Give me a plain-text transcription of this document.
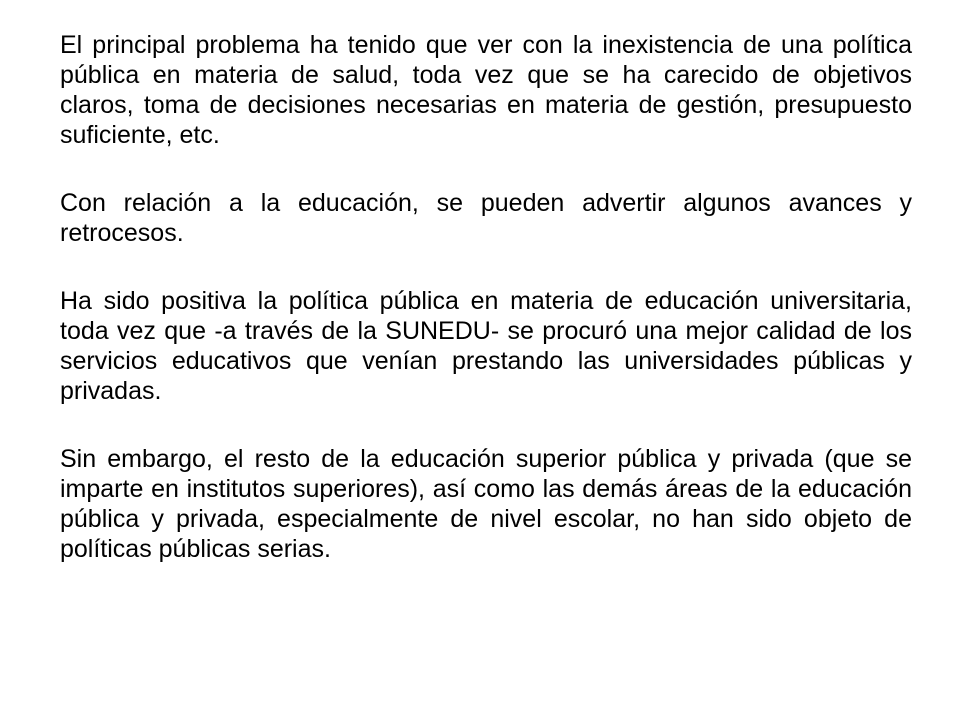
El principal problema ha tenido que ver con la inexistencia de una política pública en materia de salud, toda vez que se ha carecido de objetivos claros, toma de decisiones necesarias en materia de gestión, presupuesto suficiente, etc.

Con relación a la educación, se pueden advertir algunos avances y retrocesos.

Ha sido positiva la política pública en materia de educación universitaria, toda vez que -a través de la SUNEDU- se procuró una mejor calidad de los servicios educativos que venían prestando las universidades públicas y privadas.

Sin embargo, el resto de la educación superior pública y privada (que se imparte en institutos superiores), así como las demás áreas de la educación pública y privada, especialmente de nivel escolar, no han sido objeto de políticas públicas serias.
